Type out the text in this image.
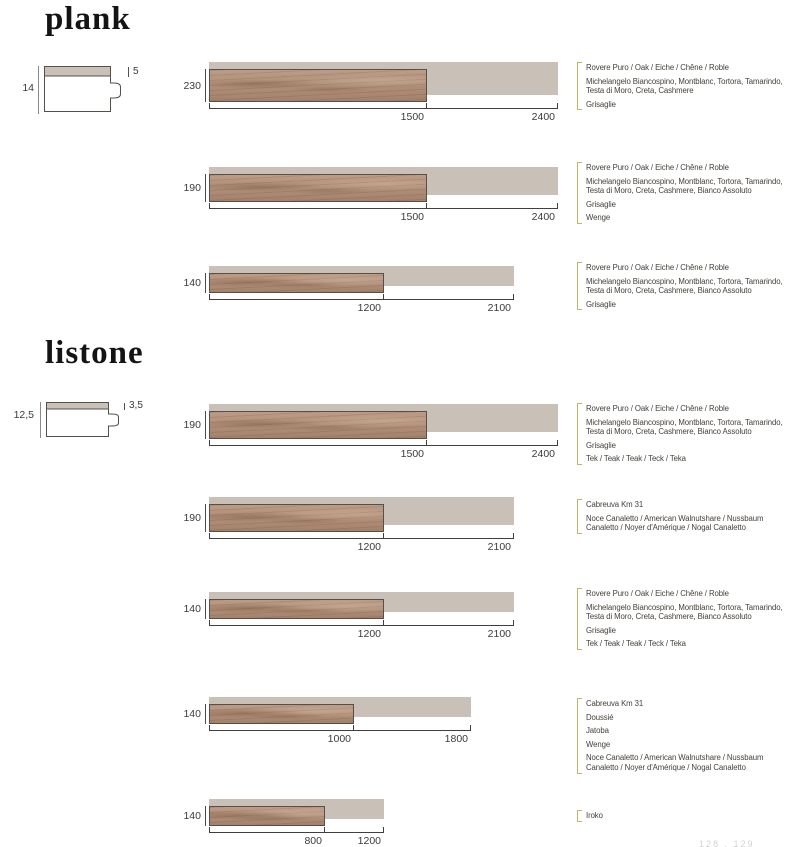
plank
14
5
listone
12,5
3,5
128 . 129
230
1500	2400

Rovere Puro / Oak / Eiche / Chêne / Roble

Michelangelo Biancospino, Montblanc, Tortora, Tamarindo, Testa di Moro, Creta, Cashmere

Grisaglie

190
1500	2400

Rovere Puro / Oak / Eiche / Chêne / Roble

Michelangelo Biancospino, Montblanc, Tortora, Tamarindo, Testa di Moro, Creta, Cashmere, Bianco Assoluto

Grisaglie

Wenge

140
1200	2100

Rovere Puro / Oak / Eiche / Chêne / Roble

Michelangelo Biancospino, Montblanc, Tortora, Tamarindo, Testa di Moro, Creta, Cashmere, Bianco Assoluto

Grisaglie

190
1500	2400

Rovere Puro / Oak / Eiche / Chêne / Roble

Michelangelo Biancospino, Montblanc, Tortora, Tamarindo, Testa di Moro, Creta, Cashmere, Bianco Assoluto

Grisaglie

Tek / Teak / Teak / Teck / Teka

190
1200	2100

Cabreuva Km 31

Noce Canaletto / American Walnutshare / Nussbaum Canaletto / Noyer d'Amérique / Nogal Canaletto

140
1200	2100

Rovere Puro / Oak / Eiche / Chêne / Roble

Michelangelo Biancospino, Montblanc, Tortora, Tamarindo, Testa di Moro, Creta, Cashmere, Bianco Assoluto

Grisaglie

Tek / Teak / Teak / Teck / Teka

140
1000	1800

Cabreuva Km 31

Doussié

Jatoba

Wenge

Noce Canaletto / American Walnutshare / Nussbaum Canaletto / Noyer d'Amérique / Nogal Canaletto

140
800	1200

Iroko
